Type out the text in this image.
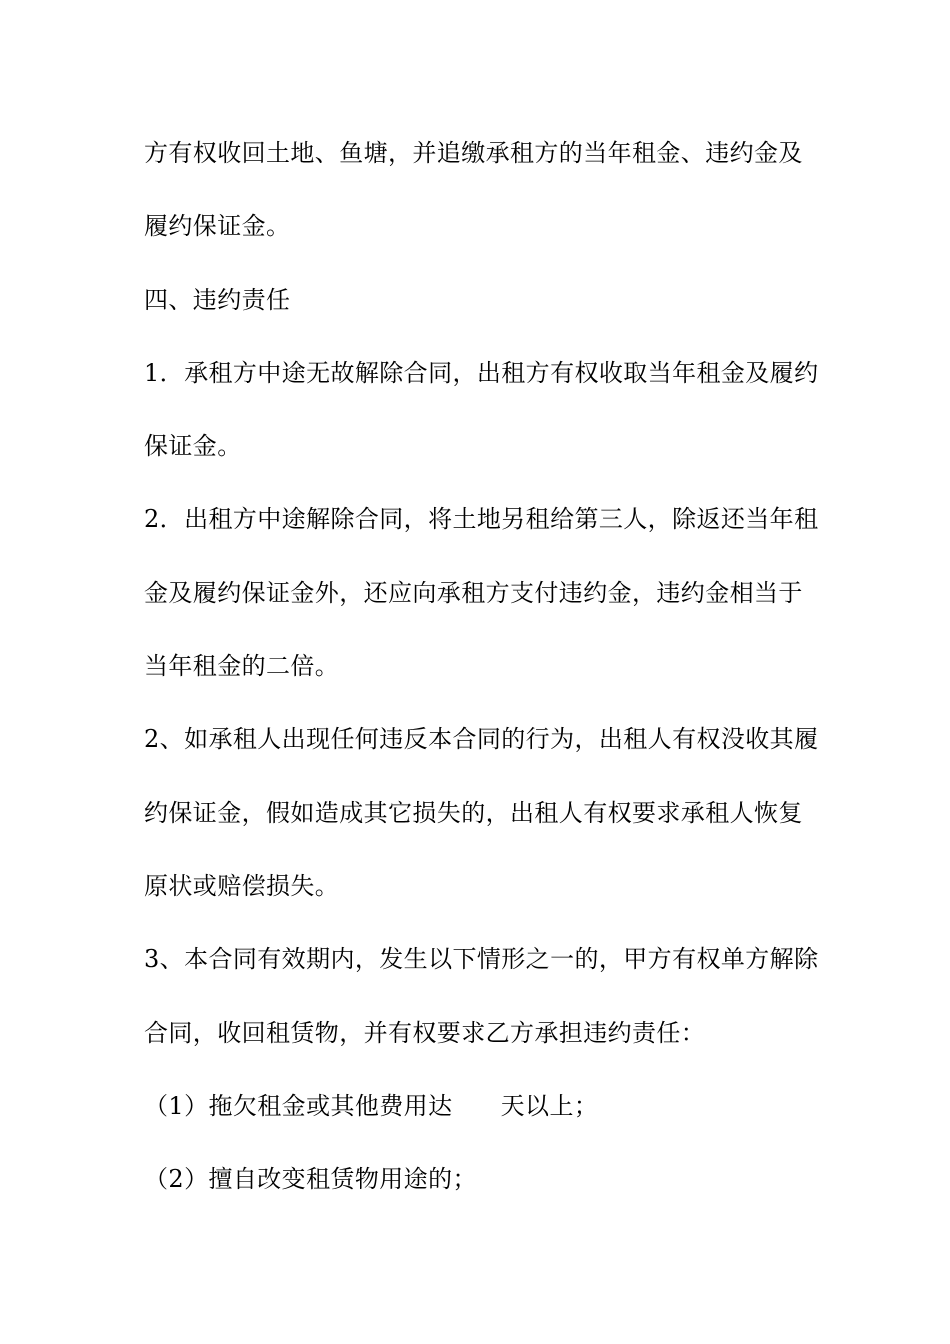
方有权收回土地、鱼塘，并追缴承租方的当年租金、违约金及
履约保证金。
四、违约责任
1．承租方中途无故解除合同，出租方有权收取当年租金及履约
保证金。
2．出租方中途解除合同，将土地另租给第三人，除返还当年租
金及履约保证金外，还应向承租方支付违约金，违约金相当于
当年租金的二倍。
2、如承租人出现任何违反本合同的行为，出租人有权没收其履
约保证金，假如造成其它损失的，出租人有权要求承租人恢复
原状或赔偿损失。
3、本合同有效期内，发生以下情形之一的，甲方有权单方解除
合同，收回租赁物，并有权要求乙方承担违约责任：
（1）拖欠租金或其他费用达      天以上；
（2）擅自改变租赁物用途的；
